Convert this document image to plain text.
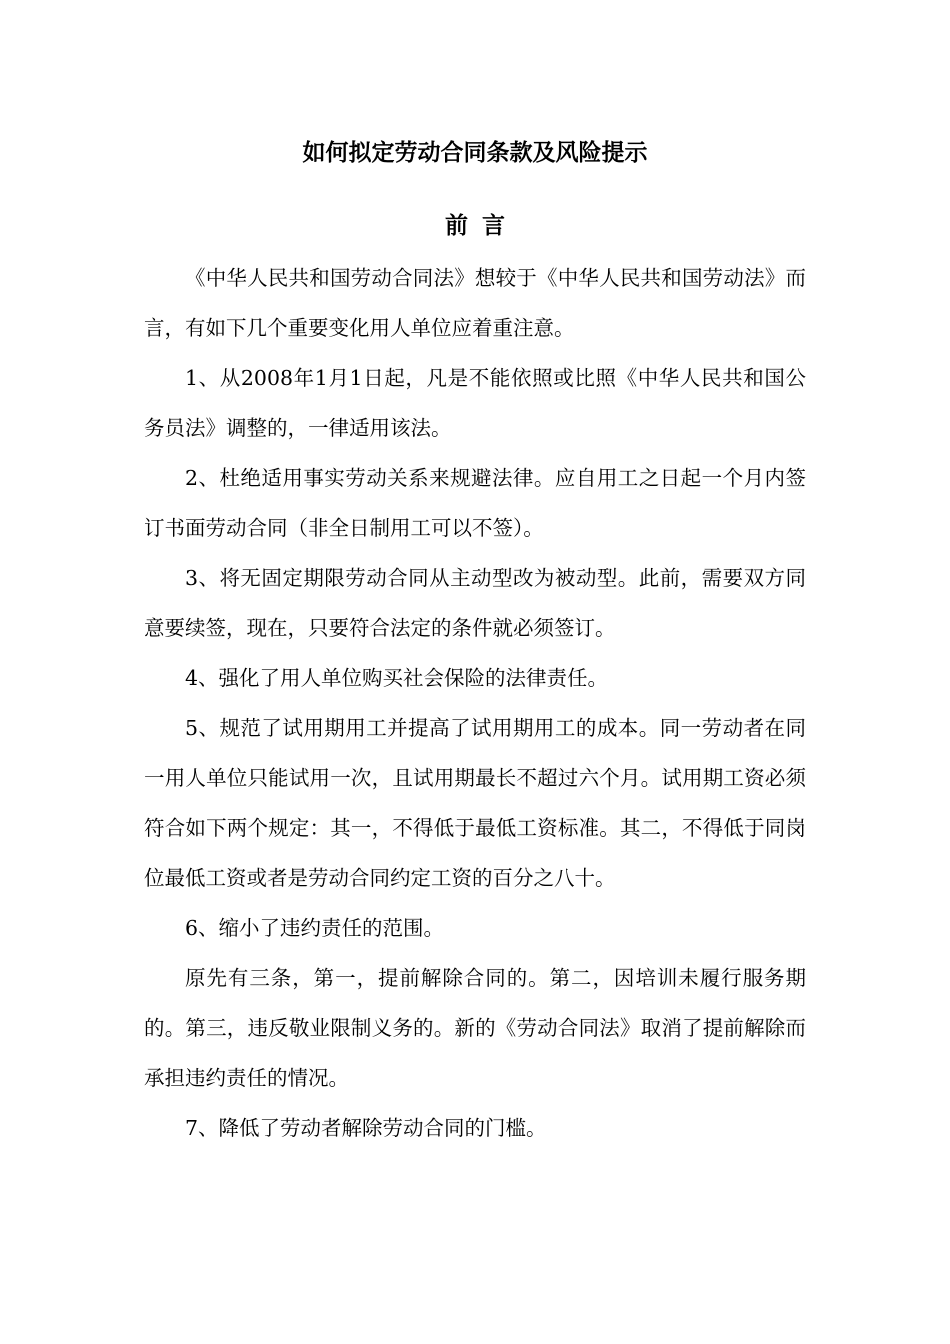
如何拟定劳动合同条款及风险提示
前言

《中华人民共和国劳动合同法》想较于《中华人民共和国劳动法》而言，有如下几个重要变化用人单位应着重注意。

1、从2008年1月1日起，凡是不能依照或比照《中华人民共和国公务员法》调整的，一律适用该法。

2、杜绝适用事实劳动关系来规避法律。应自用工之日起一个月内签订书面劳动合同（非全日制用工可以不签）。

3、将无固定期限劳动合同从主动型改为被动型。此前，需要双方同意要续签，现在，只要符合法定的条件就必须签订。

4、强化了用人单位购买社会保险的法律责任。

5、规范了试用期用工并提高了试用期用工的成本。同一劳动者在同一用人单位只能试用一次，且试用期最长不超过六个月。试用期工资必须符合如下两个规定：其一，不得低于最低工资标准。其二，不得低于同岗位最低工资或者是劳动合同约定工资的百分之八十。

6、缩小了违约责任的范围。

原先有三条，第一，提前解除合同的。第二，因培训未履行服务期的。第三，违反敬业限制义务的。新的《劳动合同法》取消了提前解除而承担违约责任的情况。

7、降低了劳动者解除劳动合同的门槛。
